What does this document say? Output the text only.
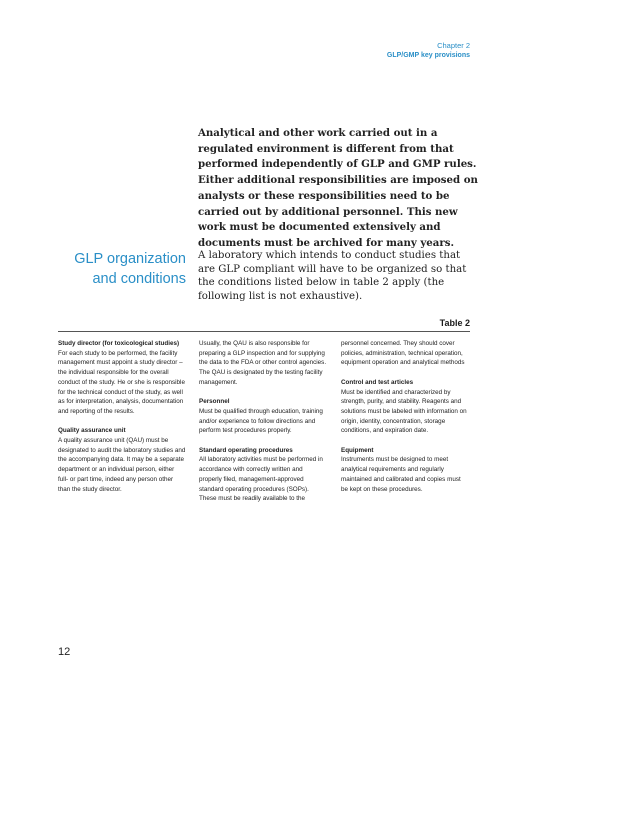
Chapter 2
GLP/GMP key provisions
Analytical and other work carried out in a regulated environment is different from that performed independently of GLP and GMP rules. Either additional responsibilities are imposed on analysts or these responsibilities need to be carried out by additional personnel. This new work must be documented extensively and documents must be archived for many years.
GLP organization
and conditions
A laboratory which intends to conduct studies that are GLP compliant will have to be organized so that the conditions listed below in table 2 apply (the following list is not exhaustive).
Table 2
Study director (for toxicological studies)
For each study to be performed, the facility management must appoint a study director – the individual responsible for the overall conduct of the study. He or she is responsible for the technical conduct of the study, as well as for interpretation, analysis, documentation and reporting of the results.
Quality assurance unit
A quality assurance unit (QAU) must be designated to audit the laboratory studies and the accompanying data. It may be a separate department or an individual person, either full- or part time, indeed any person other than the study director.
Usually, the QAU is also responsible for preparing a GLP inspection and for supplying the data to the FDA or other control agencies. The QAU is designated by the testing facility management.
Personnel
Must be qualified through education, training and/or experience to follow directions and perform test procedures properly.
Standard operating procedures
All laboratory activities must be performed in accordance with correctly written and properly filed, management-approved standard operating procedures (SOPs). These must be readily available to the
personnel concerned. They should cover policies, administration, technical operation, equipment operation and analytical methods
Control and test articles
Must be identified and characterized by strength, purity, and stability. Reagents and solutions must be labeled with information on origin, identity, concentration, storage conditions, and expiration date.
Equipment
Instruments must be designed to meet analytical requirements and regularly maintained and calibrated and copies must be kept on these procedures.
12
